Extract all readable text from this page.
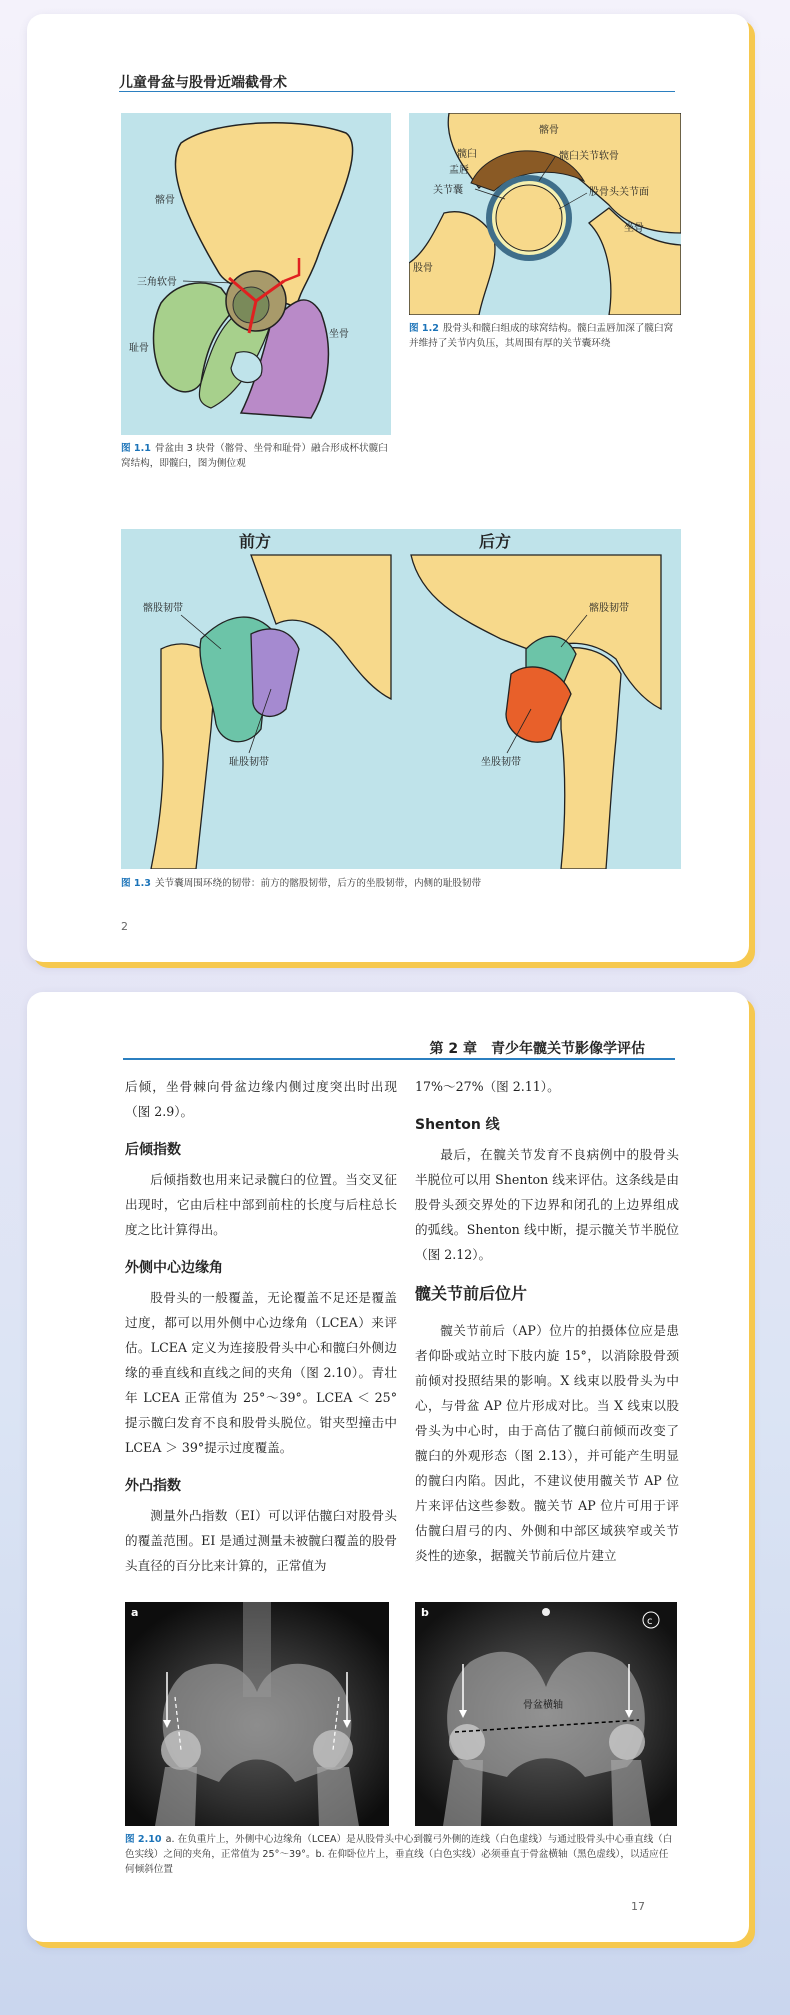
儿童骨盆与股骨近端截骨术
髂骨
三角软骨
坐骨
耻骨
图 1.1 骨盆由 3 块骨（髂骨、坐骨和耻骨）融合形成杯状髋臼窝结构，即髋臼，图为侧位观
髂骨
髋臼
盂唇
关节囊
髋臼关节软骨
股骨头关节面
坐骨
股骨
图 1.2 股骨头和髋臼组成的球窝结构。髋臼盂唇加深了髋臼窝并维持了关节内负压，其周围有厚的关节囊环绕
前方	后方
髂股韧带
耻股韧带
髂股韧带
坐股韧带
图 1.3 关节囊周围环绕的韧带：前方的髂股韧带，后方的坐股韧带，内侧的耻股韧带
2
第 2 章　青少年髋关节影像学评估

后倾，坐骨棘向骨盆边缘内侧过度突出时出现（图 2.9）。

后倾指数

后倾指数也用来记录髋臼的位置。当交叉征出现时，它由后柱中部到前柱的长度与后柱总长度之比计算得出。

外侧中心边缘角

股骨头的一般覆盖，无论覆盖不足还是覆盖过度，都可以用外侧中心边缘角（LCEA）来评估。LCEA 定义为连接股骨头中心和髋臼外侧边缘的垂直线和直线之间的夹角（图 2.10）。青壮年 LCEA 正常值为 25°～39°。LCEA ＜ 25°提示髋臼发育不良和股骨头脱位。钳夹型撞击中 LCEA ＞ 39°提示过度覆盖。

外凸指数

测量外凸指数（EI）可以评估髋臼对股骨头的覆盖范围。EI 是通过测量未被髋臼覆盖的股骨头直径的百分比来计算的，正常值为

17%～27%（图 2.11）。

Shenton 线

最后，在髋关节发育不良病例中的股骨头半脱位可以用 Shenton 线来评估。这条线是由股骨头颈交界处的下边界和闭孔的上边界组成的弧线。Shenton 线中断，提示髋关节半脱位（图 2.12）。

髋关节前后位片

髋关节前后（AP）位片的拍摄体位应是患者仰卧或站立时下肢内旋 15°，以消除股骨颈前倾对投照结果的影响。X 线束以股骨头为中心，与骨盆 AP 位片形成对比。当 X 线束以股骨头为中心时，由于高估了髋臼前倾而改变了髋臼的外观形态（图 2.13），并可能产生明显的髋臼内陷。因此，不建议使用髋关节 AP 位片来评估这些参数。髋关节 AP 位片可用于评估髋臼眉弓的内、外侧和中部区域狭窄或关节炎性的迹象，据髋关节前后位片建立

a
骨盆横轴
c
b
图 2.10 a. 在负重片上，外侧中心边缘角（LCEA）是从股骨头中心到髋弓外侧的连线（白色虚线）与通过股骨头中心垂直线（白色实线）之间的夹角，正常值为 25°～39°。b. 在仰卧位片上，垂直线（白色实线）必须垂直于骨盆横轴（黑色虚线），以适应任何倾斜位置
17
